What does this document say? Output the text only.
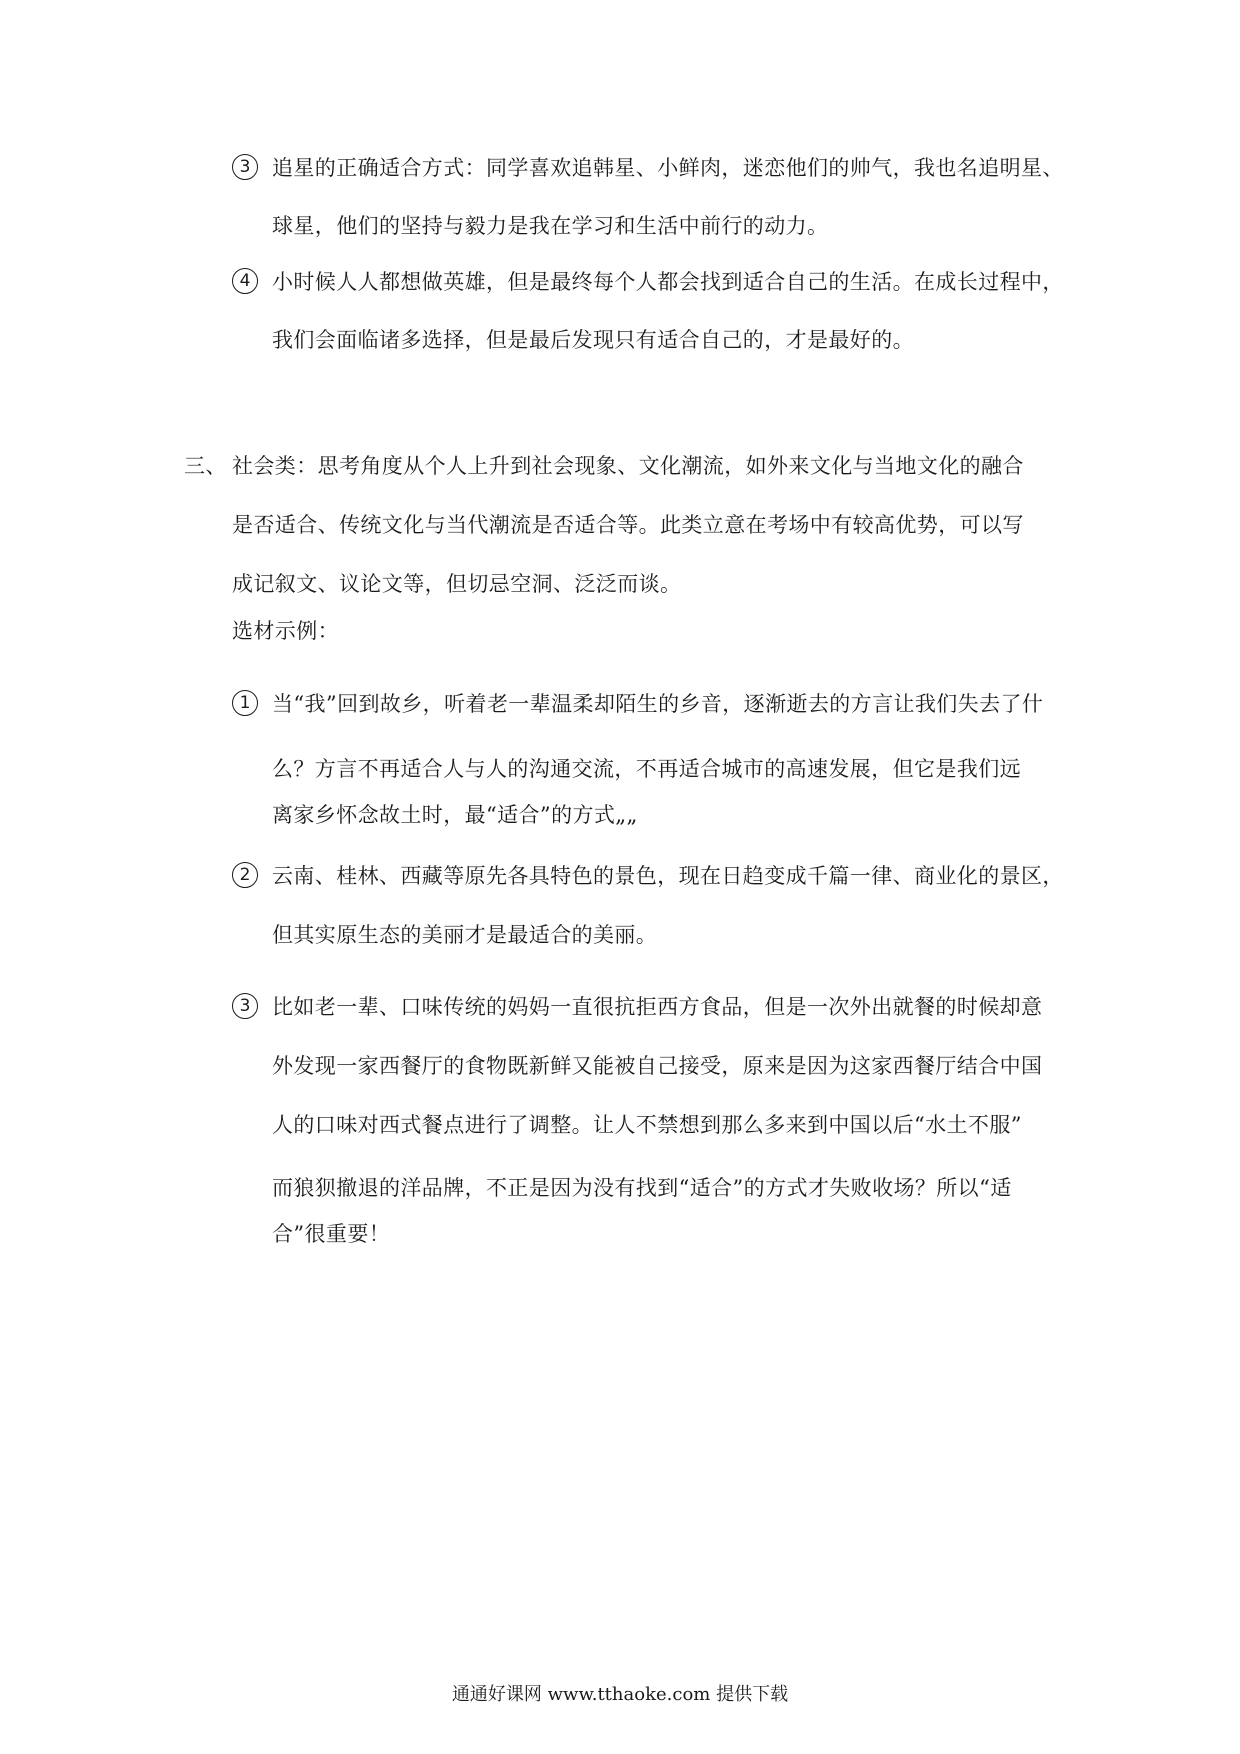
3	追星的正确适合方式：同学喜欢追韩星、小鲜肉，迷恋他们的帅气，我也名追明星、
球星，他们的坚持与毅力是我在学习和生活中前行的动力。
4	小时候人人都想做英雄，但是最终每个人都会找到适合自己的生活。在成长过程中，
我们会面临诸多选择，但是最后发现只有适合自己的，才是最好的。
三、 社会类：思考角度从个人上升到社会现象、文化潮流，如外来文化与当地文化的融合
是否适合、传统文化与当代潮流是否适合等。此类立意在考场中有较高优势，可以写
成记叙文、议论文等，但切忌空洞、泛泛而谈。
选材示例：
1	当“我”回到故乡，听着老一辈温柔却陌生的乡音，逐渐逝去的方言让我们失去了什
么？方言不再适合人与人的沟通交流，不再适合城市的高速发展，但它是我们远
离家乡怀念故土时，最“适合”的方式„„
2	云南、桂林、西藏等原先各具特色的景色，现在日趋变成千篇一律、商业化的景区，
但其实原生态的美丽才是最适合的美丽。
3	比如老一辈、口味传统的妈妈一直很抗拒西方食品，但是一次外出就餐的时候却意
外发现一家西餐厅的食物既新鲜又能被自己接受，原来是因为这家西餐厅结合中国
人的口味对西式餐点进行了调整。让人不禁想到那么多来到中国以后“水土不服”
而狼狈撤退的洋品牌，不正是因为没有找到“适合”的方式才失败收场？所以“适
合”很重要！
通通好课网 www.tthaoke.com 提供下载
